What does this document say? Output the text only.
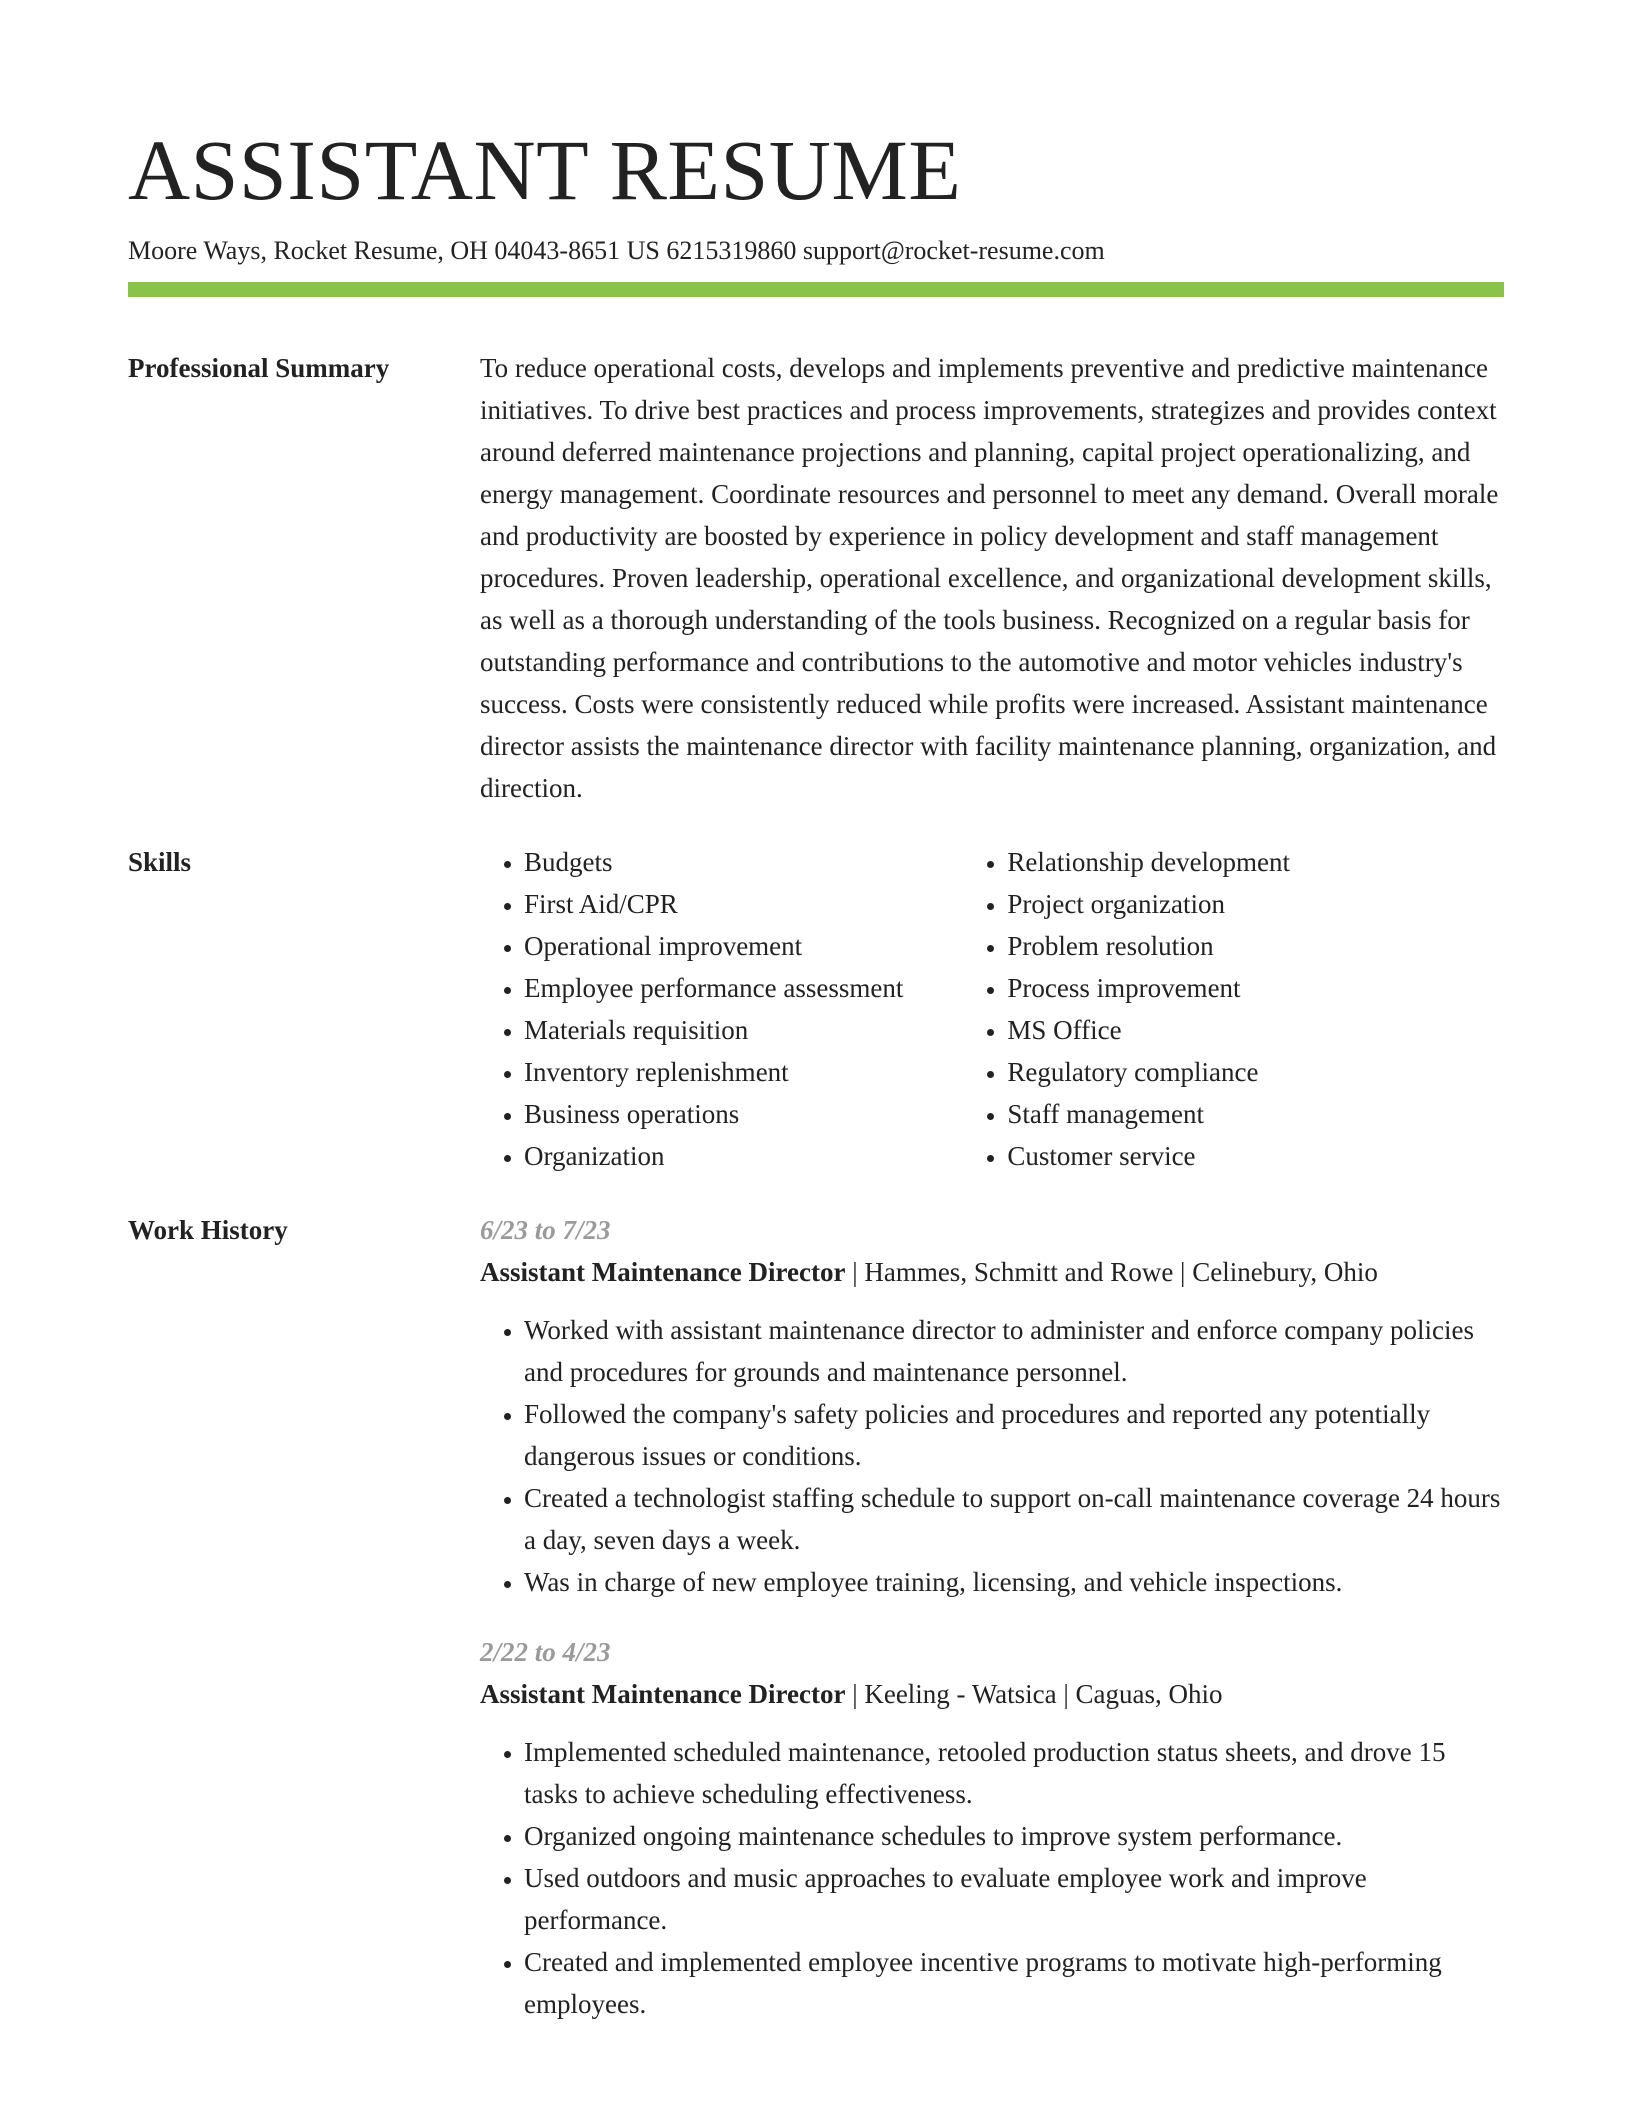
ASSISTANT RESUME
Moore Ways, Rocket Resume, OH 04043-8651 US 6215319860 support@rocket-resume.com
Professional Summary	To reduce operational costs, develops and implements preventive and predictive maintenance initiatives. To drive best practices and process improvements, strategizes and provides context around deferred maintenance projections and planning, capital project operationalizing, and energy management. Coordinate resources and personnel to meet any demand. Overall morale and productivity are boosted by experience in policy development and staff management procedures. Proven leadership, operational excellence, and organizational development skills, as well as a thorough understanding of the tools business. Recognized on a regular basis for outstanding performance and contributions to the automotive and motor vehicles industry's success. Costs were consistently reduced while profits were increased. Assistant maintenance director assists the maintenance director with facility maintenance planning, organization, and direction.

Skills
•	Budgets
• First Aid/CPR
• Operational improvement
• Employee performance assessment
• Materials requisition
• Inventory replenishment
• Business operations
• Organization
• Relationship development
• Project organization
• Problem resolution
• Process improvement
• MS Office
• Regulatory compliance
• Staff management
• Customer service
Work History	6/23 to 7/23
Assistant Maintenance Director | Hammes, Schmitt and Rowe | Celinebury, Ohio
• Worked with assistant maintenance director to administer and enforce company policies and procedures for grounds and maintenance personnel.
• Followed the company's safety policies and procedures and reported any potentially dangerous issues or conditions.
• Created a technologist staffing schedule to support on-call maintenance coverage 24 hours a day, seven days a week.
• Was in charge of new employee training, licensing, and vehicle inspections.
2/22 to 4/23
Assistant Maintenance Director | Keeling - Watsica | Caguas, Ohio
• Implemented scheduled maintenance, retooled production status sheets, and drove 15 tasks to achieve scheduling effectiveness.
• Organized ongoing maintenance schedules to improve system performance.
• Used outdoors and music approaches to evaluate employee work and improve performance.
• Created and implemented employee incentive programs to motivate high-performing employees.
